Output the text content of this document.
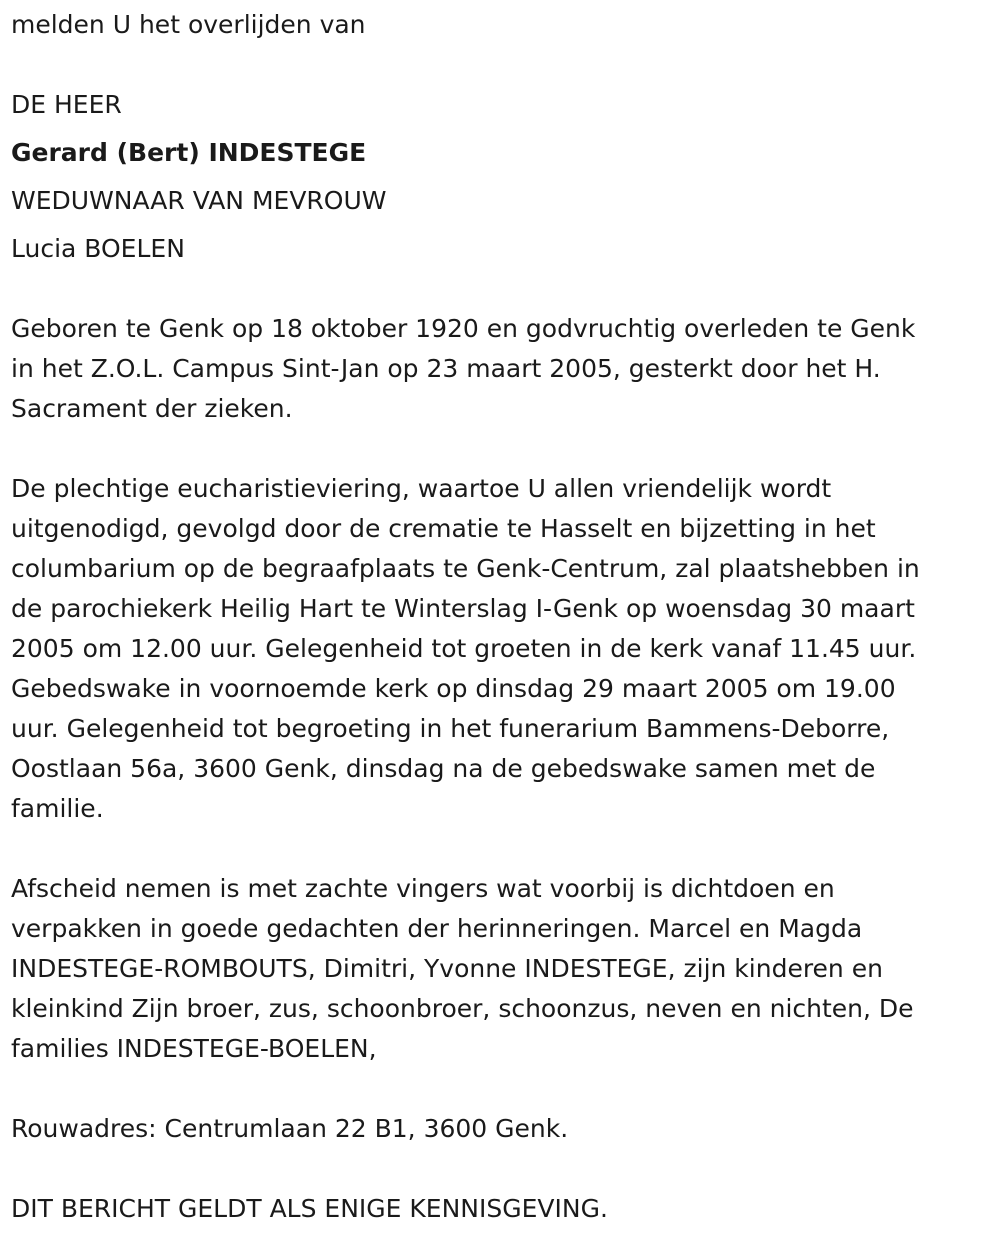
melden U het overlijden van
DE HEER
Gerard (Bert) INDESTEGE
WEDUWNAAR VAN MEVROUW
Lucia BOELEN
Geboren te Genk op 18 oktober 1920 en godvruchtig overleden te Genk
in het Z.O.L. Campus Sint-Jan op 23 maart 2005, gesterkt door het H.
Sacrament der zieken.
De plechtige eucharistieviering, waartoe U allen vriendelijk wordt
uitgenodigd, gevolgd door de crematie te Hasselt en bijzetting in het
columbarium op de begraafplaats te Genk-Centrum, zal plaatshebben in
de parochiekerk Heilig Hart te Winterslag I-Genk op woensdag 30 maart
2005 om 12.00 uur. Gelegenheid tot groeten in de kerk vanaf 11.45 uur.
Gebedswake in voornoemde kerk op dinsdag 29 maart 2005 om 19.00
uur. Gelegenheid tot begroeting in het funerarium Bammens-Deborre,
Oostlaan 56a, 3600 Genk, dinsdag na de gebedswake samen met de
familie.
Afscheid nemen is met zachte vingers wat voorbij is dichtdoen en
verpakken in goede gedachten der herinneringen. Marcel en Magda
INDESTEGE-ROMBOUTS, Dimitri, Yvonne INDESTEGE, zijn kinderen en
kleinkind Zijn broer, zus, schoonbroer, schoonzus, neven en nichten, De
families INDESTEGE-BOELEN,
Rouwadres: Centrumlaan 22 B1, 3600 Genk.
DIT BERICHT GELDT ALS ENIGE KENNISGEVING.
